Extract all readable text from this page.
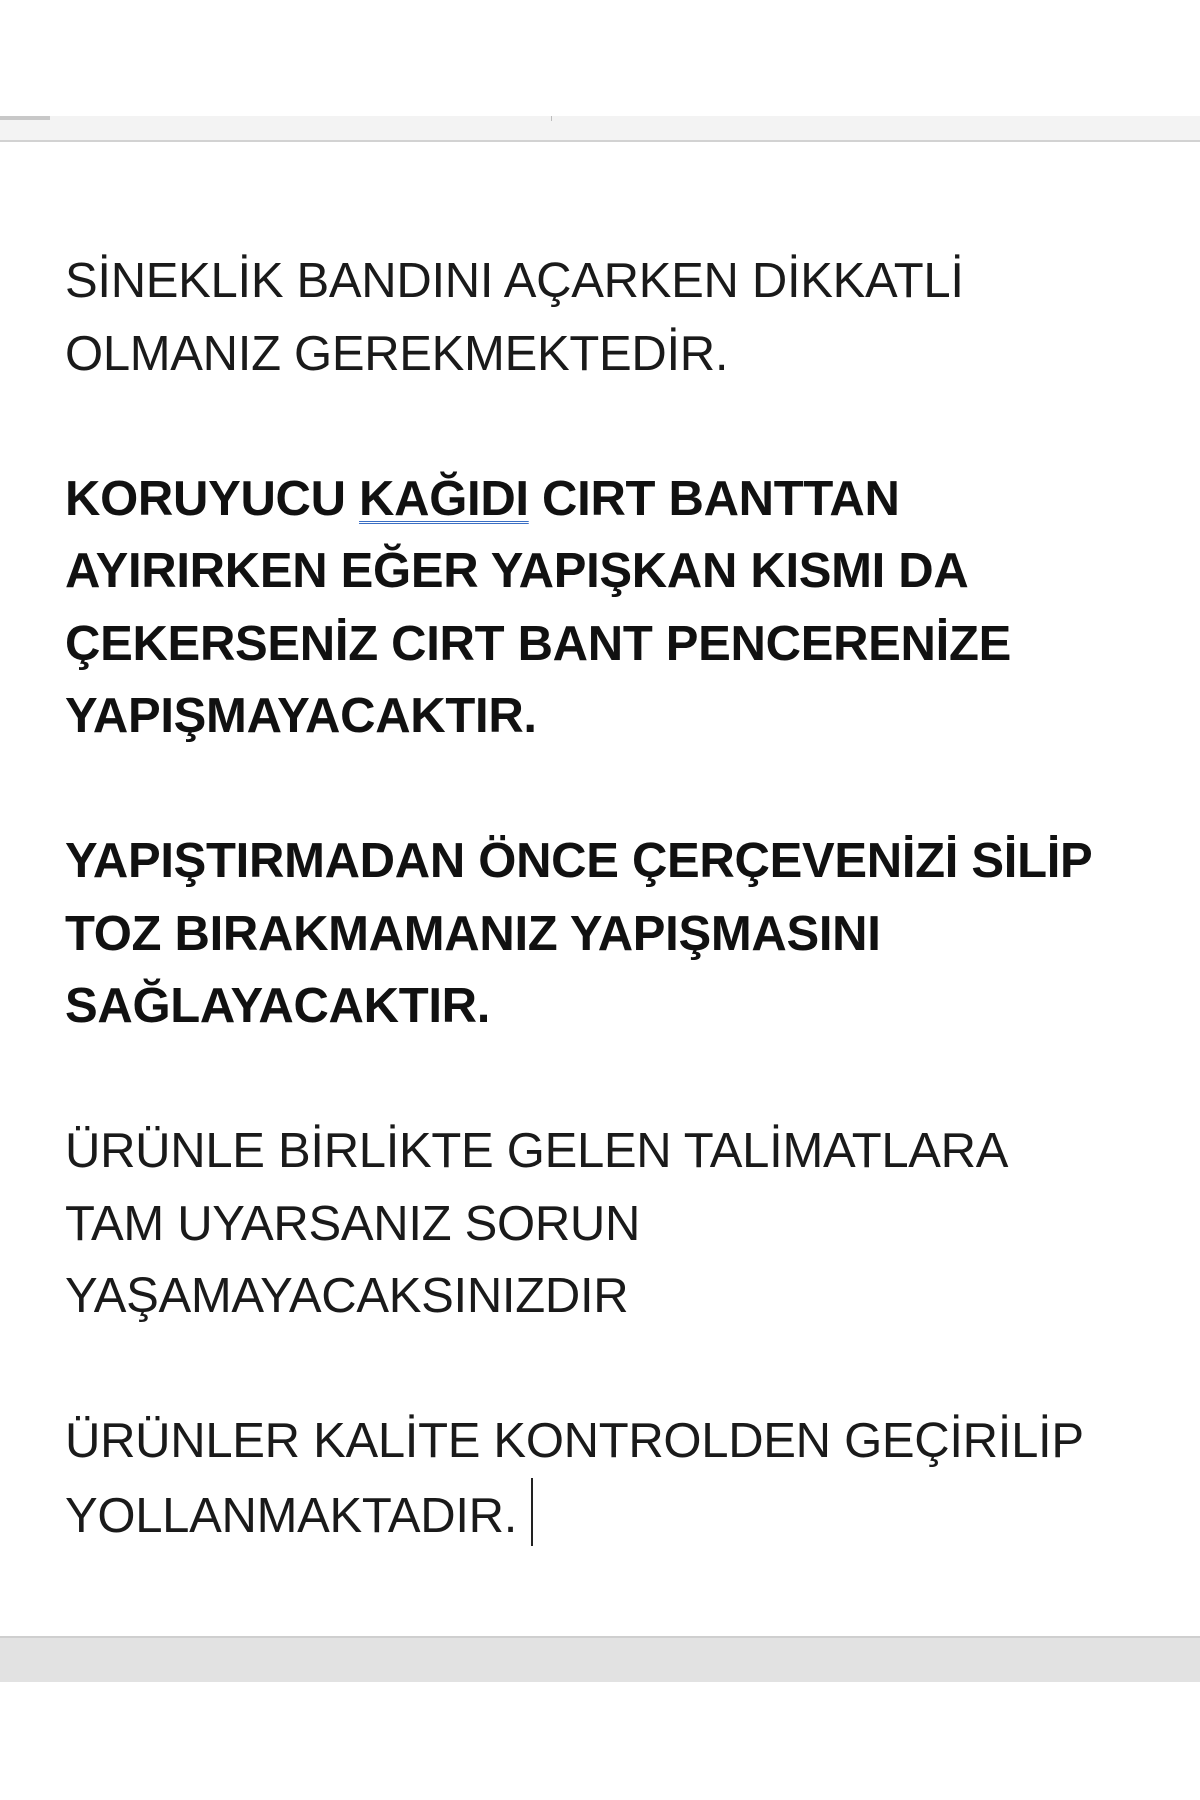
SİNEKLİK BANDINI AÇARKEN DİKKATLİ
OLMANIZ GEREKMEKTEDİR.

KORUYUCU KAĞIDI CIRT BANTTAN
AYIRIRKEN EĞER YAPIŞKAN KISMI DA
ÇEKERSENİZ CIRT BANT PENCERENİZE
YAPIŞMAYACAKTIR.

YAPIŞTIRMADAN ÖNCE ÇERÇEVENİZİ SİLİP
TOZ BIRAKMAMANIZ YAPIŞMASINI
SAĞLAYACAKTIR.

ÜRÜNLE BİRLİKTE GELEN TALİMATLARA
TAM UYARSANIZ SORUN
YAŞAMAYACAKSINIZDIR

ÜRÜNLER KALİTE KONTROLDEN GEÇİRİLİP
YOLLANMAKTADIR.
